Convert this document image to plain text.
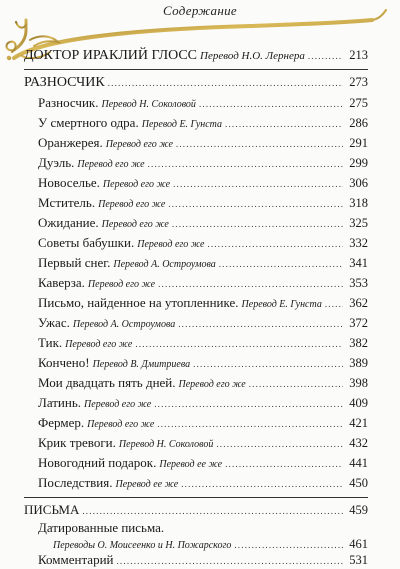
Содержание
ДОКТОР ИРАКЛИЙ ГЛОСС Перевод Н.О. Лернера .....	213
РАЗНОСЧИК .....	273
Разносчик. Перевод Н. Соколовой .....	275
У смертного одра. Перевод Е. Гунста .....	286
Оранжерея. Перевод его же .....	291
Дуэль. Перевод его же .....	299
Новоселье. Перевод его же .....	306
Мститель. Перевод его же .....	318
Ожидание. Перевод его же .....	325
Советы бабушки. Перевод его же .....	332
Первый снег. Перевод А. Остроумова .....	341
Каверза. Перевод его же .....	353
Письмо, найденное на утопленнике. Перевод Е. Гунста ..... 362
Ужас. Перевод А. Остроумова .....	372
Тик. Перевод его же .....	382
Кончено! Перевод В. Дмитриева .....	389
Мои двадцать пять дней. Перевод его же .....	398
Латинь. Перевод его же .....	409
Фермер. Перевод его же .....	421
Крик тревоги. Перевод Н. Соколовой .....	432
Новогодний подарок. Перевод ее же .....	441
Последствия. Перевод ее же .....	450
ПИСЬМА .....	459
Датированные письма.
Переводы О. Моисеенко и Н. Пожарского .....	461
Комментарий .....	531
